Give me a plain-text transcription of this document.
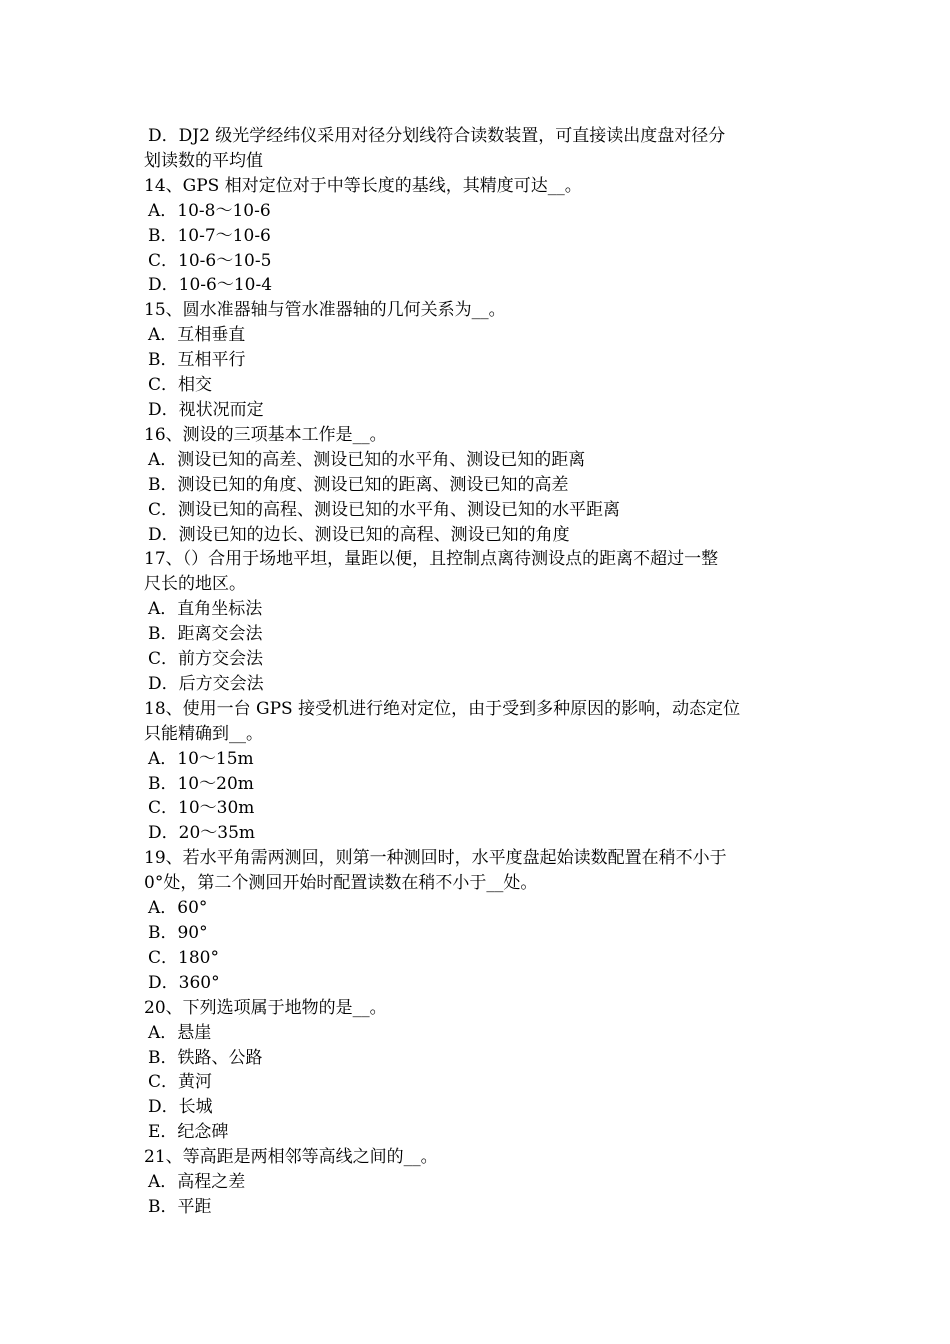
D．DJ2 级光学经纬仪采用对径分划线符合读数装置，可直接读出度盘对径分
划读数的平均值
14、GPS 相对定位对于中等长度的基线，其精度可达__。
A．10-8～10-6
B．10-7～10-6
C．10-6～10-5
D．10-6～10-4
15、圆水准器轴与管水准器轴的几何关系为__。
A．互相垂直
B．互相平行
C．相交
D．视状况而定
16、测设的三项基本工作是__。
A．测设已知的高差、测设已知的水平角、测设已知的距离
B．测设已知的角度、测设已知的距离、测设已知的高差
C．测设已知的高程、测设已知的水平角、测设已知的水平距离
D．测设已知的边长、测设已知的高程、测设已知的角度
17、（）合用于场地平坦，量距以便，且控制点离待测设点的距离不超过一整
尺长的地区。
A．直角坐标法
B．距离交会法
C．前方交会法
D．后方交会法
18、使用一台 GPS 接受机进行绝对定位，由于受到多种原因的影响，动态定位
只能精确到__。
A．10～15m
B．10～20m
C．10～30m
D．20～35m
19、若水平角需两测回，则第一种测回时，水平度盘起始读数配置在稍不小于
0°处，第二个测回开始时配置读数在稍不小于__处。
A．60°
B．90°
C．180°
D．360°
20、下列选项属于地物的是__。
A．悬崖
B．铁路、公路
C．黄河
D．长城
E．纪念碑
21、等高距是两相邻等高线之间的__。
A．高程之差
B．平距
